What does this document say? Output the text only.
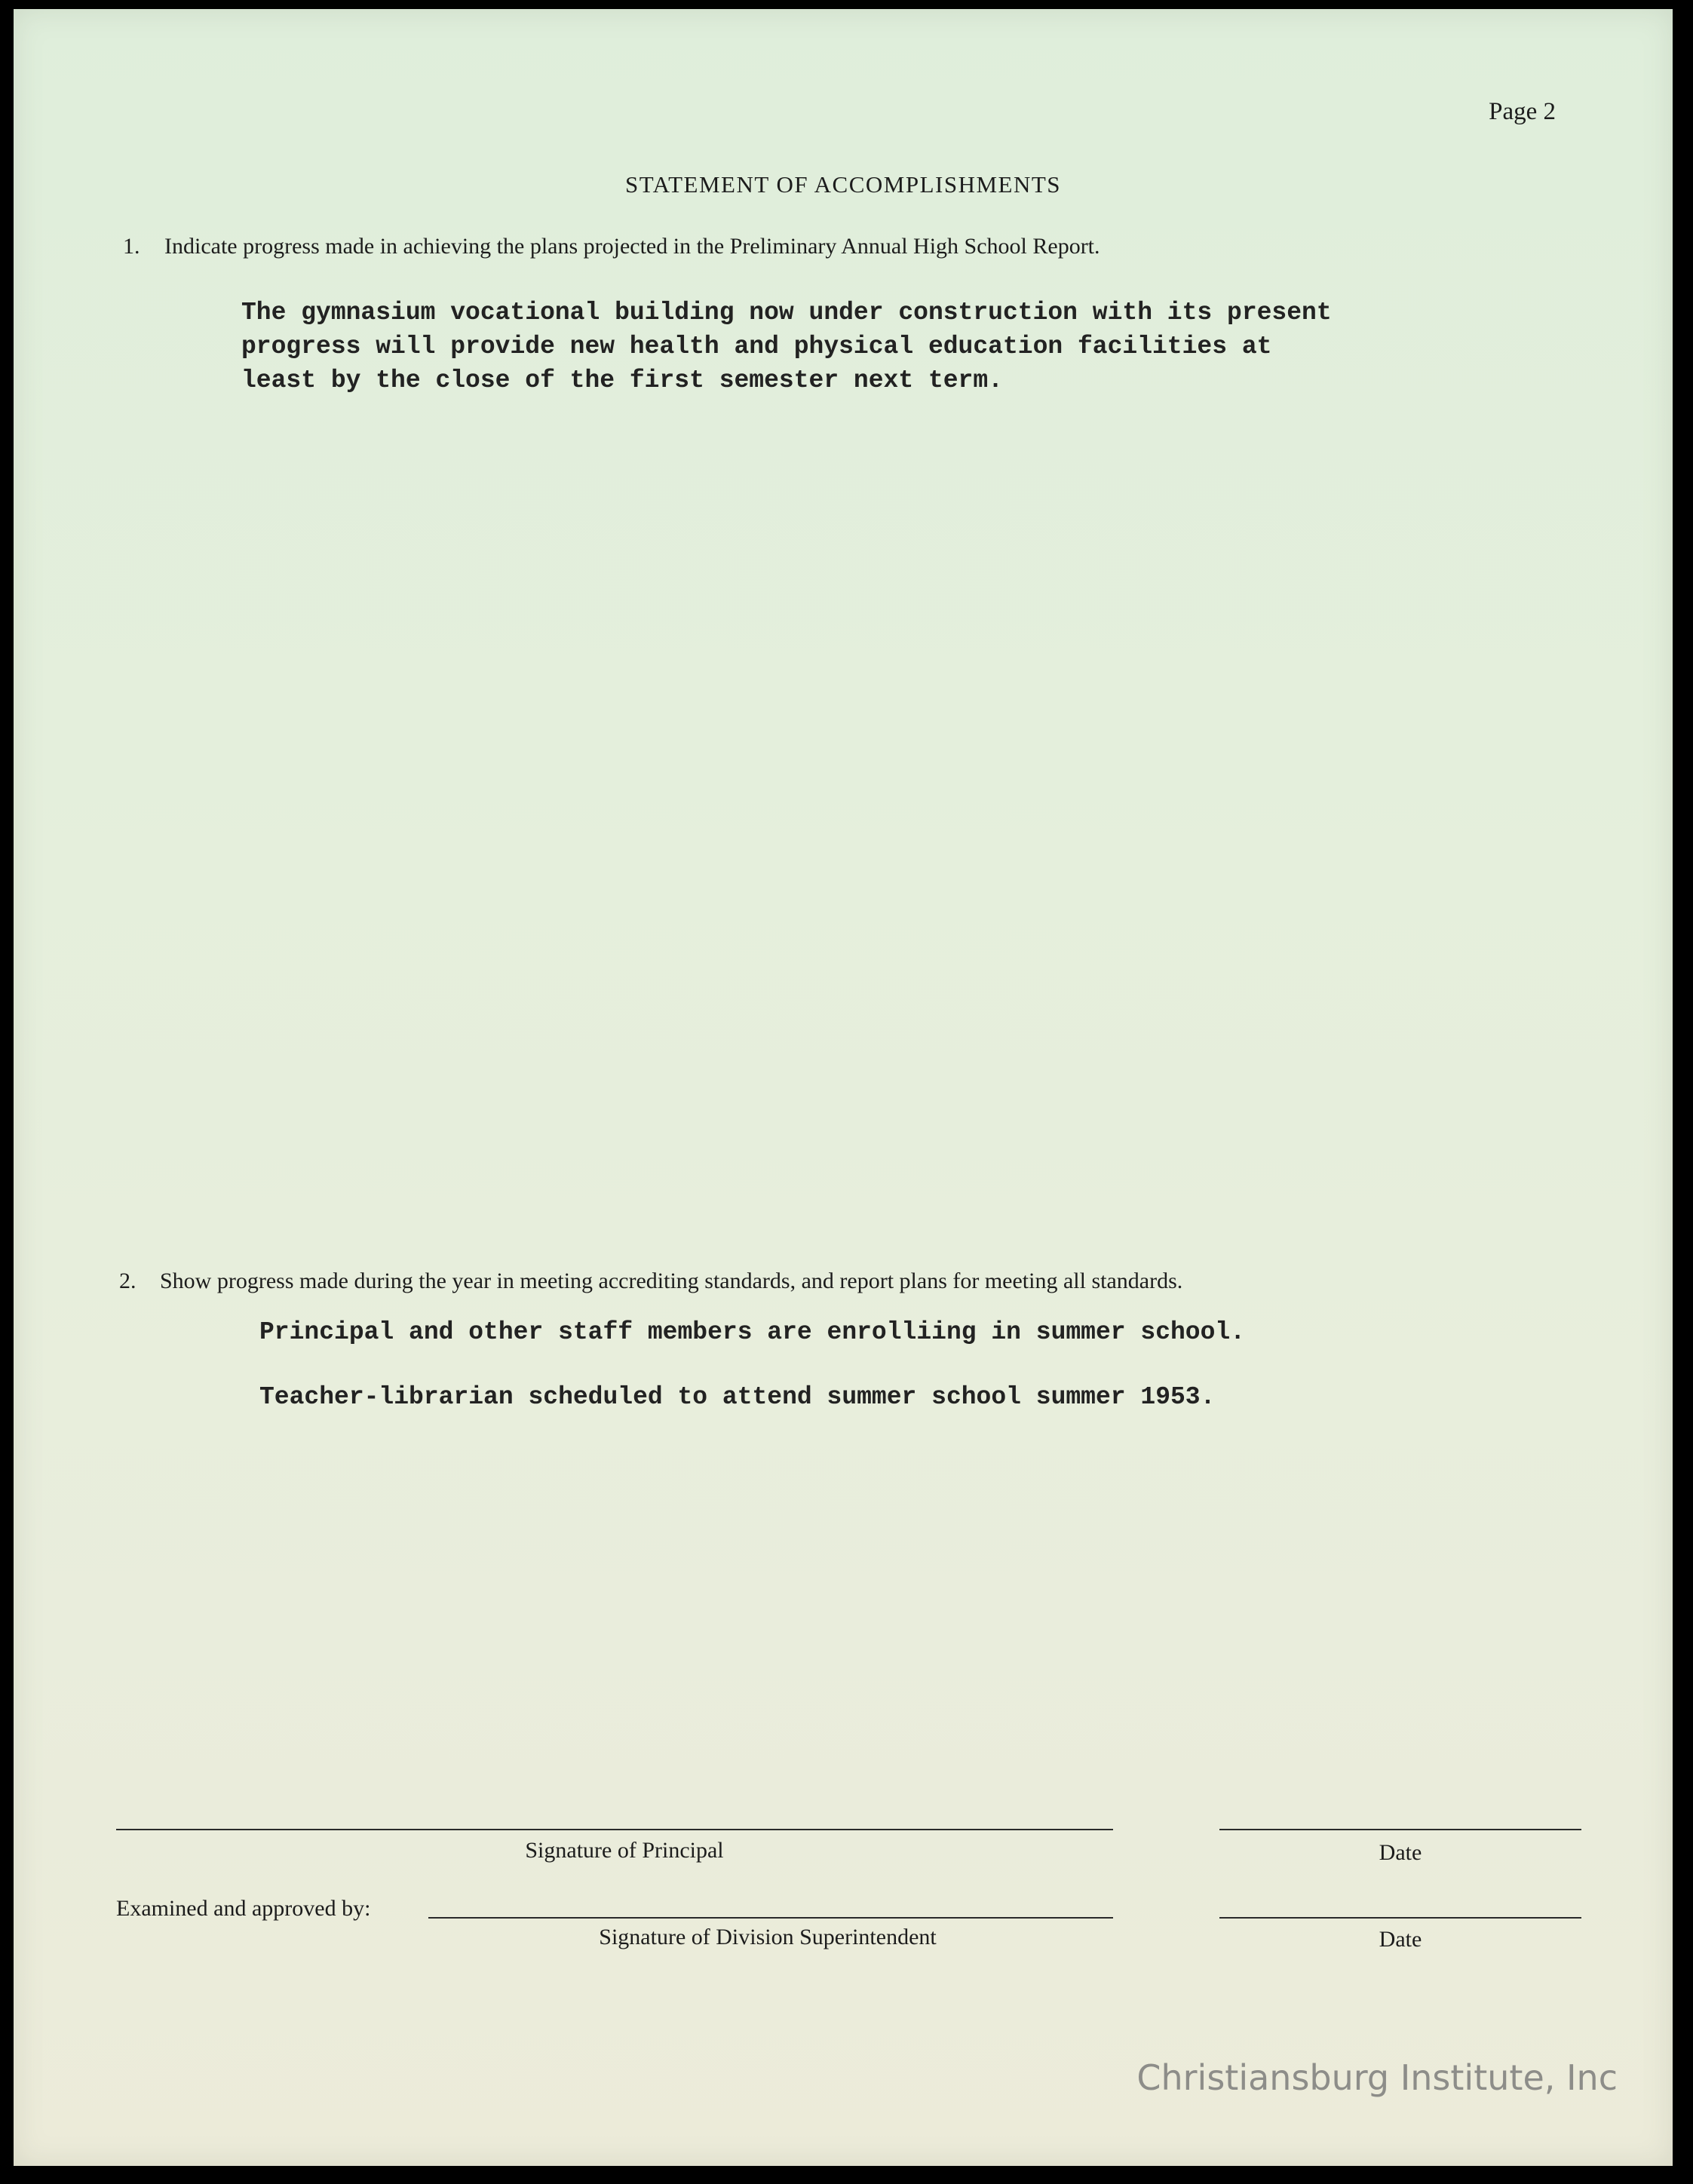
Page 2
STATEMENT OF ACCOMPLISHMENTS
1. Indicate progress made in achieving the plans projected in the Preliminary Annual High School Report.
The gymnasium vocational building now under construction with its present
progress will provide new health and physical education facilities at
least by the close of the first semester next term.
2. Show progress made during the year in meeting accrediting standards, and report plans for meeting all standards.
Principal and other staff members are enrolliing in summer school.
Teacher-librarian scheduled to attend summer school summer 1953.
Signature of Principal	Date
Examined and approved by:
Signature of Division Superintendent	Date
Christiansburg Institute, Inc
